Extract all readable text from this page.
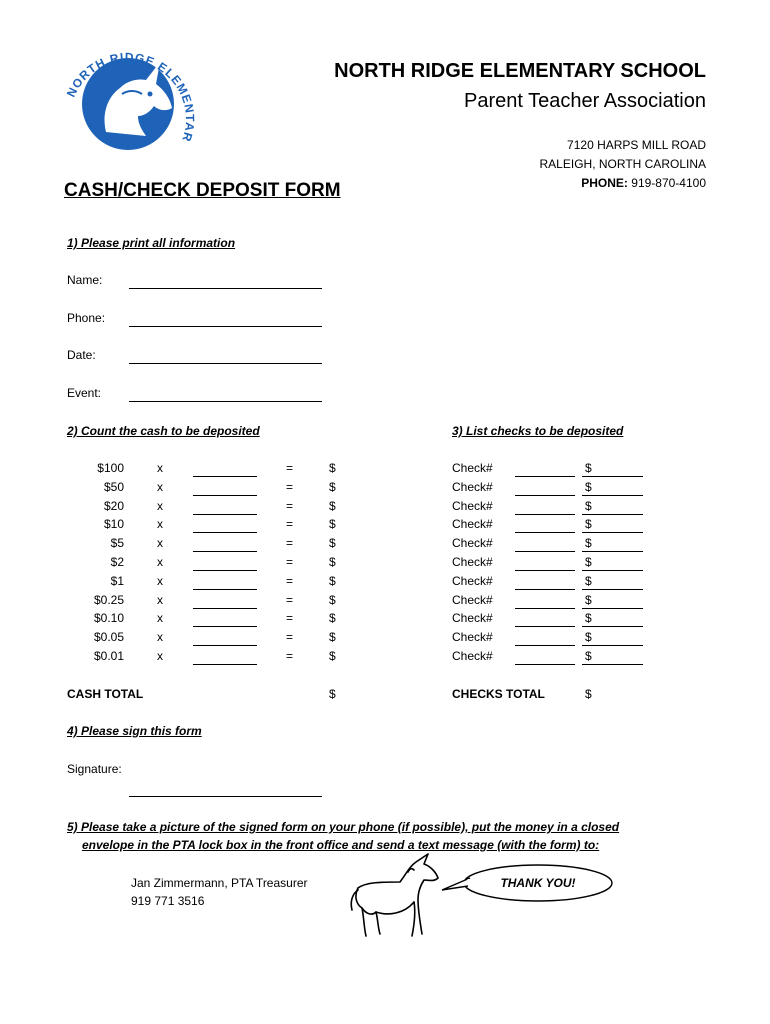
NORTH RIDGE ELEMENTAR
NORTH RIDGE ELEMENTARY SCHOOL
Parent Teacher Association
7120 HARPS MILL ROAD
RALEIGH, NORTH CAROLINA
PHONE: 919-870-4100
CASH/CHECK DEPOSIT FORM
1) Please print all information
Name:
Phone:
Date:
Event:
2) Count the cash to be deposited	3) List checks to be deposited
$100	x	=	$
$50	x	=	$
$20	x	=	$
$10	x	=	$
$5	x	=	$
$2	x	=	$
$1	x	=	$
$0.25	x	=	$
$0.10	x	=	$
$0.05	x	=	$
$0.01	x	=	$
Check#	$
Check#	$
Check#	$
Check#	$
Check#	$
Check#	$
Check#	$
Check#	$
Check#	$
Check#	$
Check#	$
CASH TOTAL	$	CHECKS TOTAL	$
4) Please sign this form
Signature:
5) Please take a picture of the signed form on your phone (if possible), put the money in a closed
envelope in the PTA lock box in the front office and send a text message (with the form) to:
Jan Zimmermann, PTA Treasurer
919 771 3516
THANK YOU!
